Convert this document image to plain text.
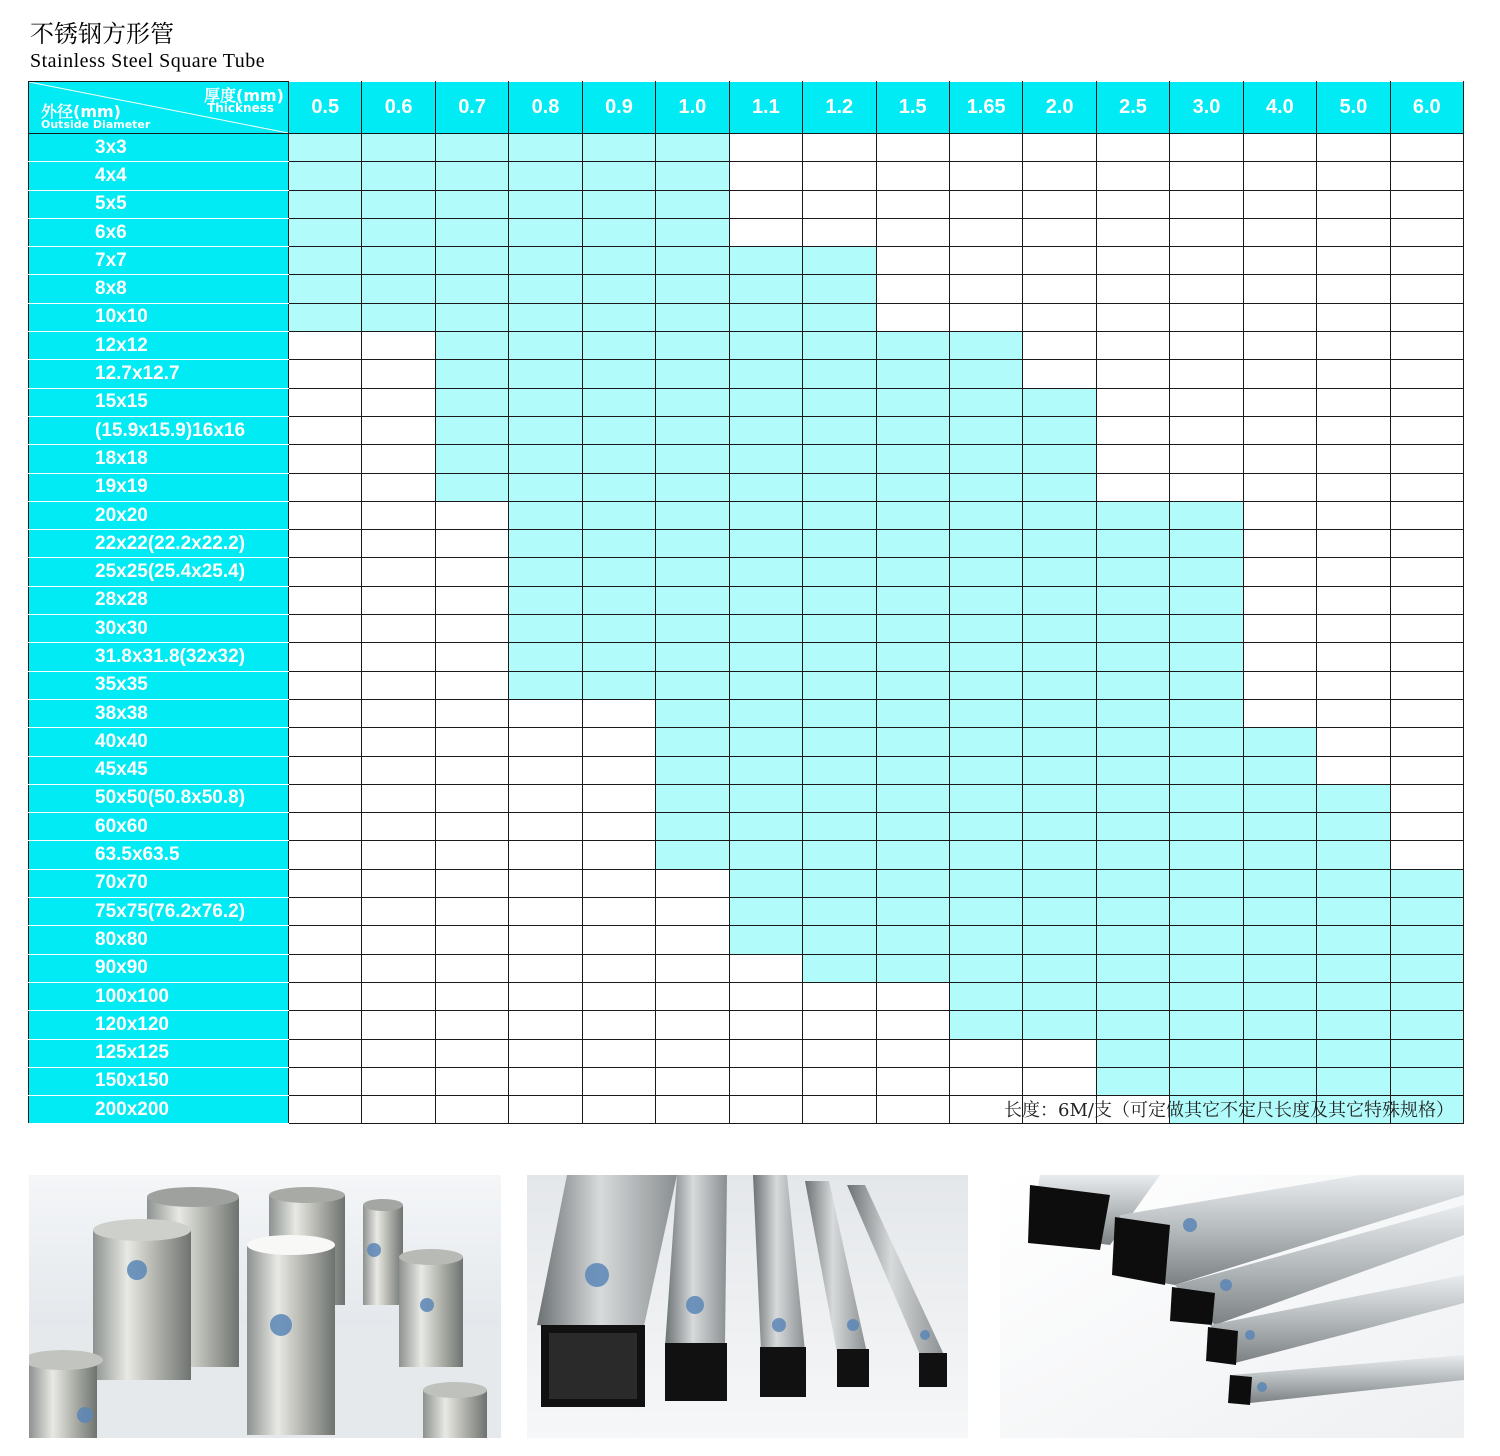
不锈钢方形管
Stainless Steel Square Tube
厚度(mm)
Thickness
外径(mm)
Outside Diameter	0.5	0.6	0.7	0.8	0.9	1.0	1.1	1.2	1.5	1.65	2.0	2.5	3.0	4.0	5.0	6.0
3x3																
4x4																
5x5																
6x6																
7x7																
8x8																
10x10																
12x12																
12.7x12.7																
15x15																
(15.9x15.9)16x16																
18x18																
19x19																
20x20																
22x22(22.2x22.2)																
25x25(25.4x25.4)																
28x28																
30x30																
31.8x31.8(32x32)																
35x35																
38x38																
40x40																
45x45																
50x50(50.8x50.8)																
60x60																
63.5x63.5																
70x70																
75x75(76.2x76.2)																
80x80																
90x90																
100x100																
120x120																
125x125																
150x150																
200x200																	长度：6M/支（可定做其它不定尺长度及其它特殊规格）
